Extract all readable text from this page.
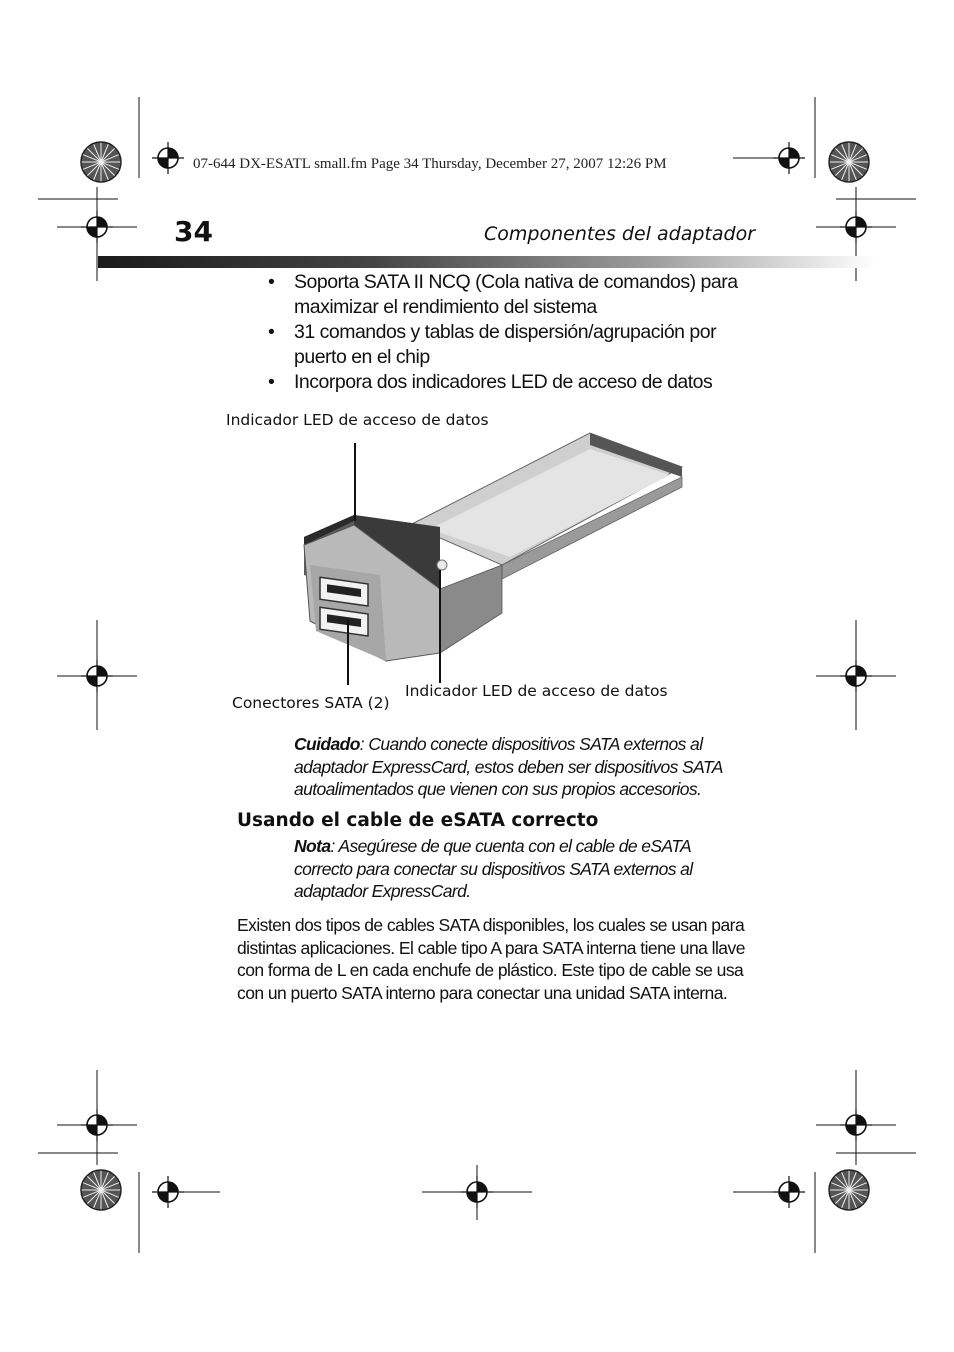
07-644 DX-ESATL small.fm Page 34 Thursday, December 27, 2007 12:26 PM
34	Componentes del adaptador
• Soporta SATA II NCQ (Cola nativa de comandos) para maximizar el rendimiento del sistema
• 31 comandos y tablas de dispersión/agrupación por puerto en el chip
• Incorpora dos indicadores LED de acceso de datos
Indicador LED de acceso de datos
Conectores SATA (2)
Indicador LED de acceso de datos
Cuidado: Cuando conecte dispositivos SATA externos al adaptador ExpressCard, estos deben ser dispositivos SATA autoalimentados que vienen con sus propios accesorios.
Usando el cable de eSATA correcto
Nota: Asegúrese de que cuenta con el cable de eSATA correcto para conectar su dispositivos SATA externos al adaptador ExpressCard.
Existen dos tipos de cables SATA disponibles, los cuales se usan para distintas aplicaciones. El cable tipo A para SATA interna tiene una llave con forma de L en cada enchufe de plástico. Este tipo de cable se usa con un puerto SATA interno para conectar una unidad SATA interna.
